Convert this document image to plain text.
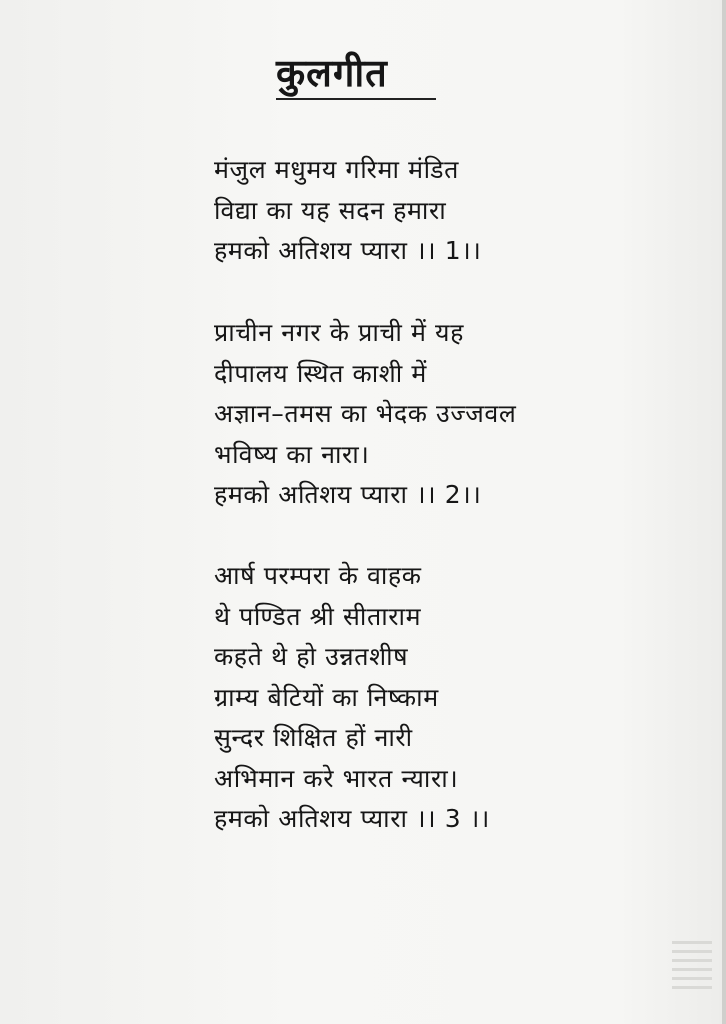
कुलगीत
मंजुल मधुमय गरिमा मंडित
विद्या का यह सदन हमारा
हमको अतिशय प्यारा ।। 1।।
प्राचीन नगर के प्राची में यह
दीपालय स्थित काशी में
अज्ञान–तमस का भेदक उज्जवल
भविष्य का नारा।
हमको अतिशय प्यारा ।। 2।।
आर्ष परम्परा के वाहक
थे पण्डित श्री सीताराम
कहते थे हो उन्नतशीष
ग्राम्य बेटियों का निष्काम
सुन्दर शिक्षित हों नारी
अभिमान करे भारत न्यारा।
हमको अतिशय प्यारा ।। 3 ।।
